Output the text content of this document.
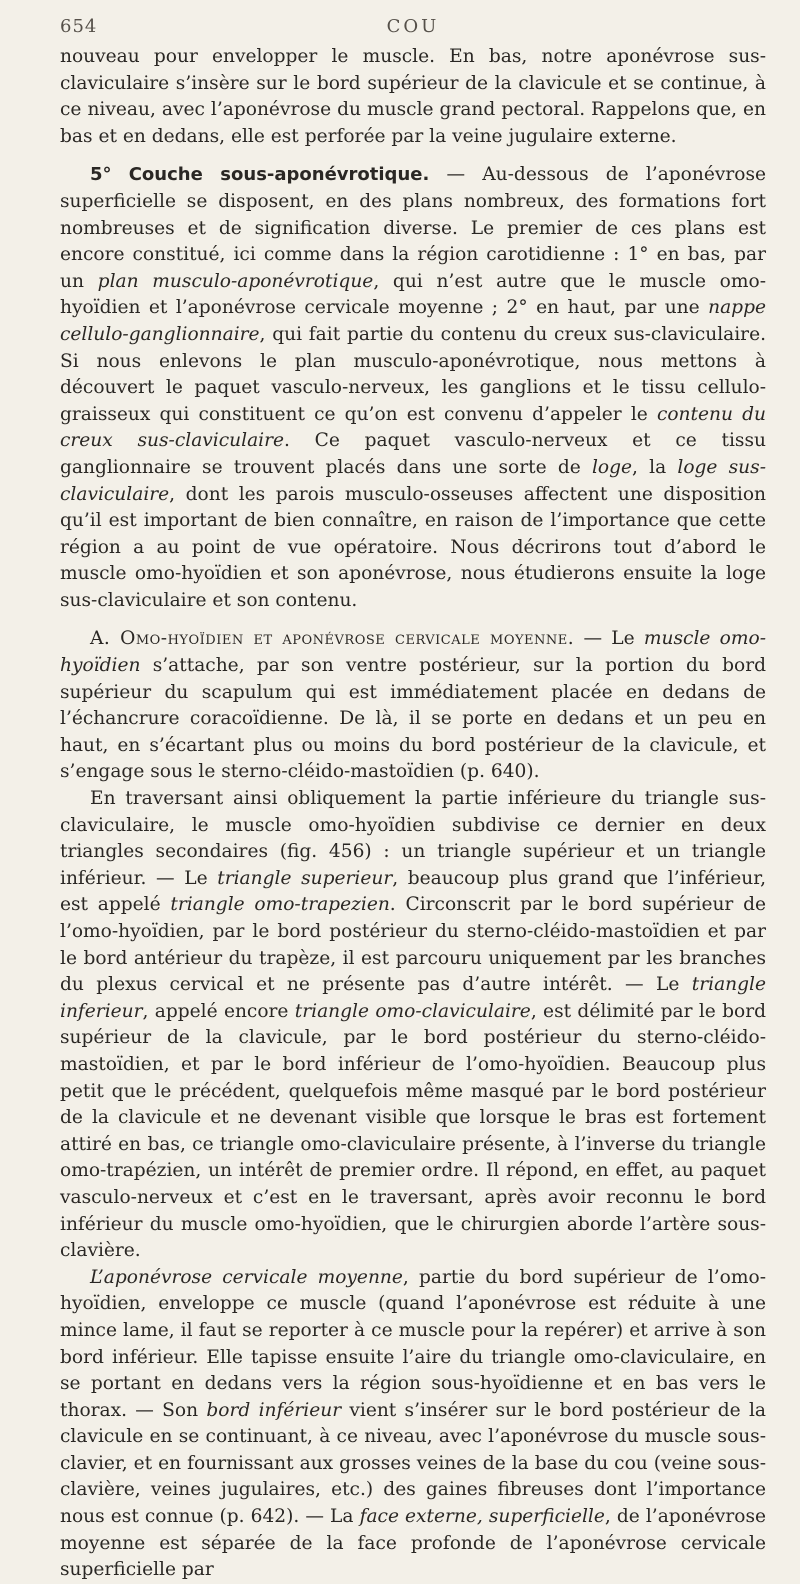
654	COU

nouveau pour envelopper le muscle. En bas, notre aponévrose sus-claviculaire s’insère sur le bord supérieur de la clavicule et se continue, à ce niveau, avec l’aponévrose du muscle grand pectoral. Rappelons que, en bas et en dedans, elle est perforée par la veine jugulaire externe.

5° Couche sous-aponévrotique. — Au-dessous de l’aponévrose superficielle se disposent, en des plans nombreux, des formations fort nombreuses et de signification diverse. Le premier de ces plans est encore constitué, ici comme dans la région carotidienne : 1° en bas, par un plan musculo-aponévrotique, qui n’est autre que le muscle omo-hyoïdien et l’aponévrose cervicale moyenne ; 2° en haut, par une nappe cellulo-ganglionnaire, qui fait partie du contenu du creux sus-claviculaire. Si nous enlevons le plan musculo-aponévrotique, nous mettons à découvert le paquet vasculo-nerveux, les ganglions et le tissu cellulo-graisseux qui constituent ce qu’on est convenu d’appeler le contenu du creux sus-claviculaire. Ce paquet vasculo-nerveux et ce tissu ganglionnaire se trouvent placés dans une sorte de loge, la loge sus-claviculaire, dont les parois musculo-osseuses affectent une disposition qu’il est important de bien connaître, en raison de l’importance que cette région a au point de vue opératoire. Nous décrirons tout d’abord le muscle omo-hyoïdien et son aponévrose, nous étudierons ensuite la loge sus-claviculaire et son contenu.

A. Omo-hyoïdien et aponévrose cervicale moyenne. — Le muscle omo-hyoïdien s’attache, par son ventre postérieur, sur la portion du bord supérieur du scapulum qui est immédiatement placée en dedans de l’échancrure coracoïdienne. De là, il se porte en dedans et un peu en haut, en s’écartant plus ou moins du bord postérieur de la clavicule, et s’engage sous le sterno-cléido-mastoïdien (p. 640).

En traversant ainsi obliquement la partie inférieure du triangle sus-claviculaire, le muscle omo-hyoïdien subdivise ce dernier en deux triangles secondaires (fig. 456) : un triangle supérieur et un triangle inférieur. — Le triangle superieur, beaucoup plus grand que l’inférieur, est appelé triangle omo-trapezien. Circonscrit par le bord supérieur de l’omo-hyoïdien, par le bord postérieur du sterno-cléido-mastoïdien et par le bord antérieur du trapèze, il est parcouru uniquement par les branches du plexus cervical et ne présente pas d’autre intérêt. — Le triangle inferieur, appelé encore triangle omo-claviculaire, est délimité par le bord supérieur de la clavicule, par le bord postérieur du sterno-cléido-mastoïdien, et par le bord inférieur de l’omo-hyoïdien. Beaucoup plus petit que le précédent, quelquefois même masqué par le bord postérieur de la clavicule et ne devenant visible que lorsque le bras est fortement attiré en bas, ce triangle omo-claviculaire présente, à l’inverse du triangle omo-trapézien, un intérêt de premier ordre. Il répond, en effet, au paquet vasculo-nerveux et c’est en le traversant, après avoir reconnu le bord inférieur du muscle omo-hyoïdien, que le chirurgien aborde l’artère sous-clavière.

L’aponévrose cervicale moyenne, partie du bord supérieur de l’omo-hyoïdien, enveloppe ce muscle (quand l’aponévrose est réduite à une mince lame, il faut se reporter à ce muscle pour la repérer) et arrive à son bord inférieur. Elle tapisse ensuite l’aire du triangle omo-claviculaire, en se portant en dedans vers la région sous-hyoïdienne et en bas vers le thorax. — Son bord inférieur vient s’insérer sur le bord postérieur de la clavicule en se continuant, à ce niveau, avec l’aponévrose du muscle sous-clavier, et en fournissant aux grosses veines de la base du cou (veine sous-clavière, veines jugulaires, etc.) des gaines fibreuses dont l’importance nous est connue (p. 642). — La face externe, superficielle, de l’aponévrose moyenne est séparée de la face profonde de l’aponévrose cervicale superficielle par
